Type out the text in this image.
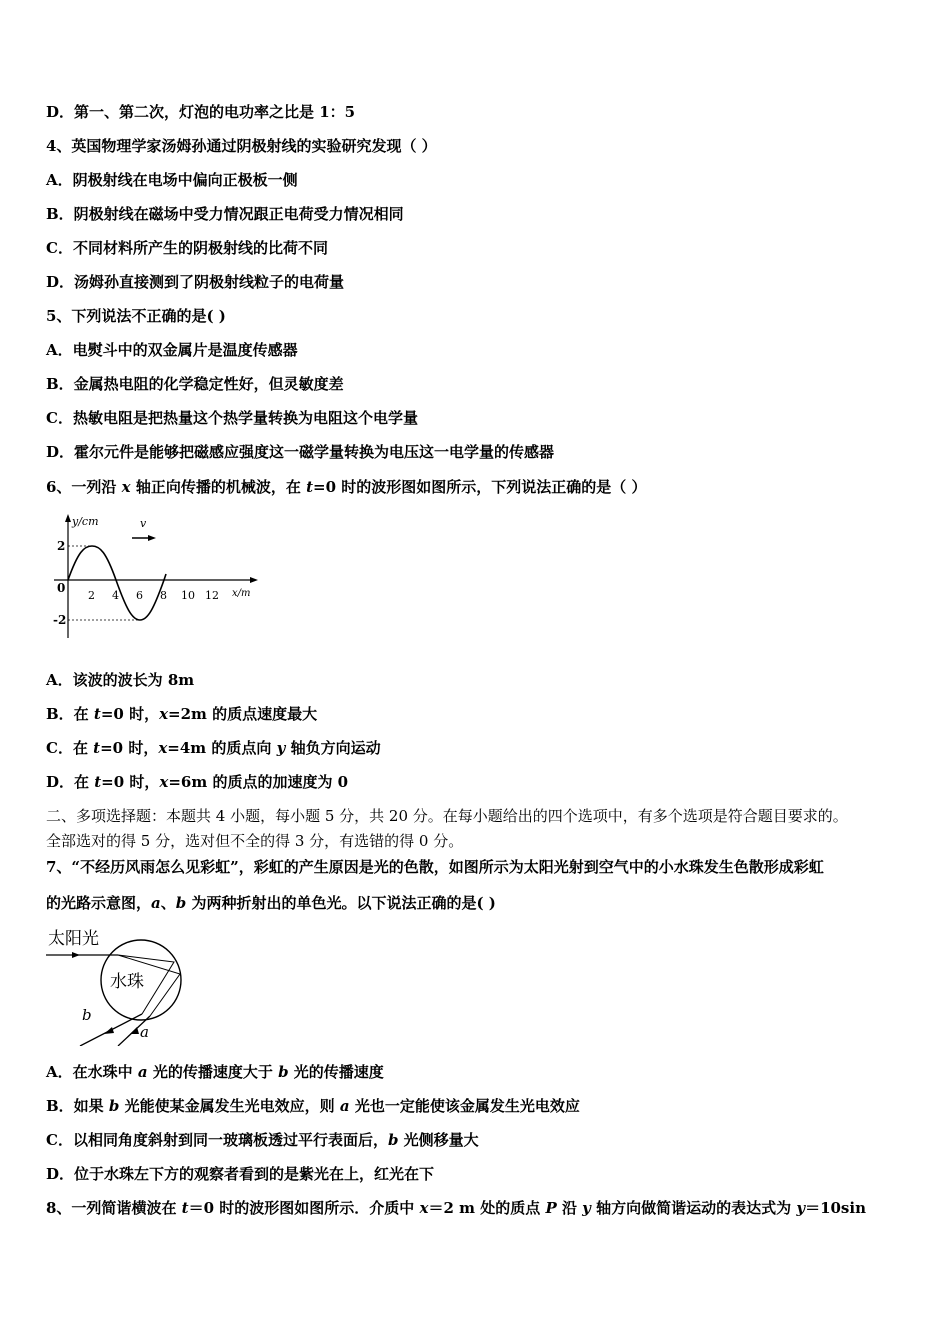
D．第一、第二次，灯泡的电功率之比是 1：5
4、英国物理学家汤姆孙通过阴极射线的实验研究发现（ ）
A．阴极射线在电场中偏向正极板一侧
B．阴极射线在磁场中受力情况跟正电荷受力情况相同
C．不同材料所产生的阴极射线的比荷不同
D．汤姆孙直接测到了阴极射线粒子的电荷量
5、下列说法不正确的是( )
A．电熨斗中的双金属片是温度传感器
B．金属热电阻的化学稳定性好，但灵敏度差
C．热敏电阻是把热量这个热学量转换为电阻这个电学量
D．霍尔元件是能够把磁感应强度这一磁学量转换为电压这一电学量的传感器
6、一列沿 x 轴正向传播的机械波，在 t=0 时的波形图如图所示，下列说法正确的是（ ）
y/cm	v
0
2
-2
2 4 6 8 10 12 x/m
A．该波的波长为 8m
B．在 t=0 时，x=2m 的质点速度最大
C．在 t=0 时，x=4m 的质点向 y 轴负方向运动
D．在 t=0 时，x=6m 的质点的加速度为 0
二、多项选择题：本题共 4 小题，每小题 5 分，共 20 分。在每小题给出的四个选项中，有多个选项是符合题目要求的。
全部选对的得 5 分，选对但不全的得 3 分，有选错的得 0 分。
7、“不经历风雨怎么见彩虹”，彩虹的产生原因是光的色散，如图所示为太阳光射到空气中的小水珠发生色散形成彩虹
的光路示意图，a、b 为两种折射出的单色光。以下说法正确的是( )
太阳光
水珠
b
a
A．在水珠中 a 光的传播速度大于 b 光的传播速度
B．如果 b 光能使某金属发生光电效应，则 a 光也一定能使该金属发生光电效应
C．以相同角度斜射到同一玻璃板透过平行表面后，b 光侧移量大
D．位于水珠左下方的观察者看到的是紫光在上，红光在下
8、一列简谐横波在 t＝0 时的波形图如图所示．介质中 x＝2 m 处的质点 P 沿 y 轴方向做简谐运动的表达式为 y＝10sin
